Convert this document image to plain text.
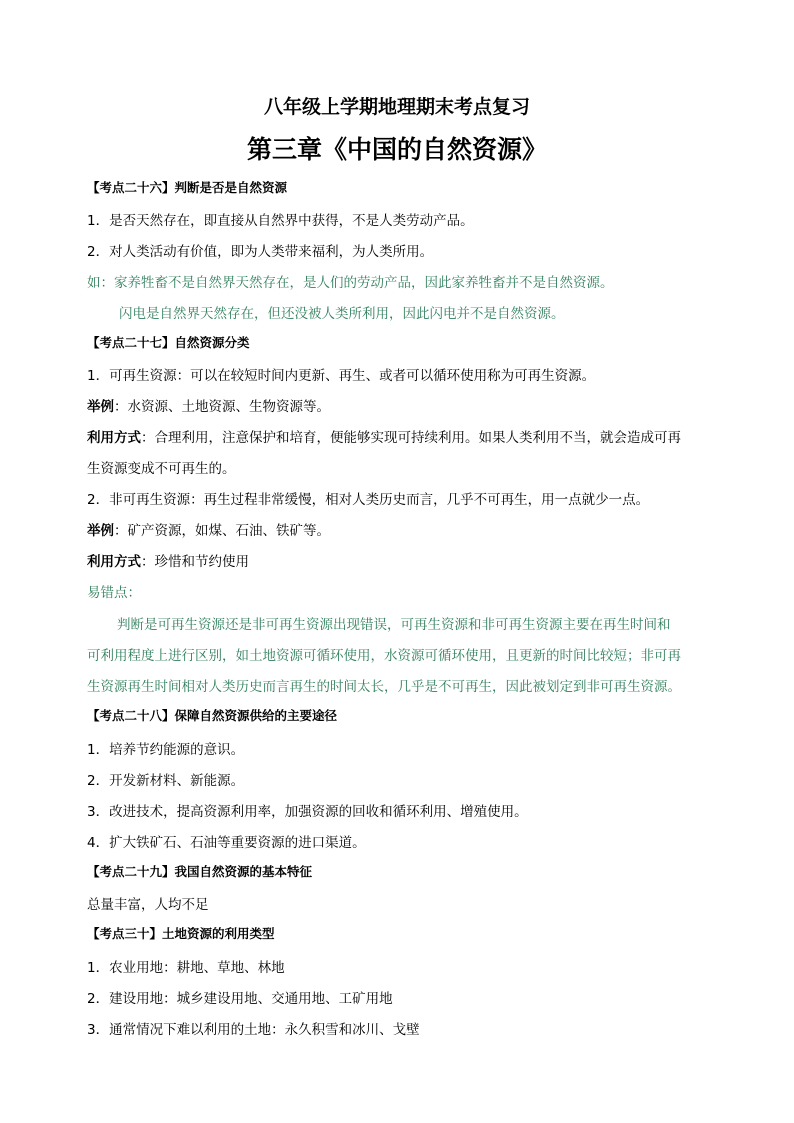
八年级上学期地理期末考点复习
第三章《中国的自然资源》
【考点二十六】判断是否是自然资源
1．是否天然存在，即直接从自然界中获得，不是人类劳动产品。
2．对人类活动有价值，即为人类带来福利，为人类所用。
如：家养牲畜不是自然界天然存在，是人们的劳动产品，因此家养牲畜并不是自然资源。
闪电是自然界天然存在，但还没被人类所利用，因此闪电并不是自然资源。
【考点二十七】自然资源分类
1．可再生资源：可以在较短时间内更新、再生、或者可以循环使用称为可再生资源。
举例：水资源、土地资源、生物资源等。
利用方式：合理利用，注意保护和培育，便能够实现可持续利用。如果人类利用不当，就会造成可再
生资源变成不可再生的。
2．非可再生资源：再生过程非常缓慢，相对人类历史而言，几乎不可再生，用一点就少一点。
举例：矿产资源，如煤、石油、铁矿等。
利用方式：珍惜和节约使用
易错点：
判断是可再生资源还是非可再生资源出现错误，可再生资源和非可再生资源主要在再生时间和
可利用程度上进行区别，如土地资源可循环使用，水资源可循环使用，且更新的时间比较短；非可再
生资源再生时间相对人类历史而言再生的时间太长，几乎是不可再生，因此被划定到非可再生资源。
【考点二十八】保障自然资源供给的主要途径
1．培养节约能源的意识。
2．开发新材料、新能源。
3．改进技术，提高资源利用率，加强资源的回收和循环利用、增殖使用。
4．扩大铁矿石、石油等重要资源的进口渠道。
【考点二十九】我国自然资源的基本特征
总量丰富，人均不足
【考点三十】土地资源的利用类型
1．农业用地：耕地、草地、林地
2．建设用地：城乡建设用地、交通用地、工矿用地
3．通常情况下难以利用的土地：永久积雪和冰川、戈壁
